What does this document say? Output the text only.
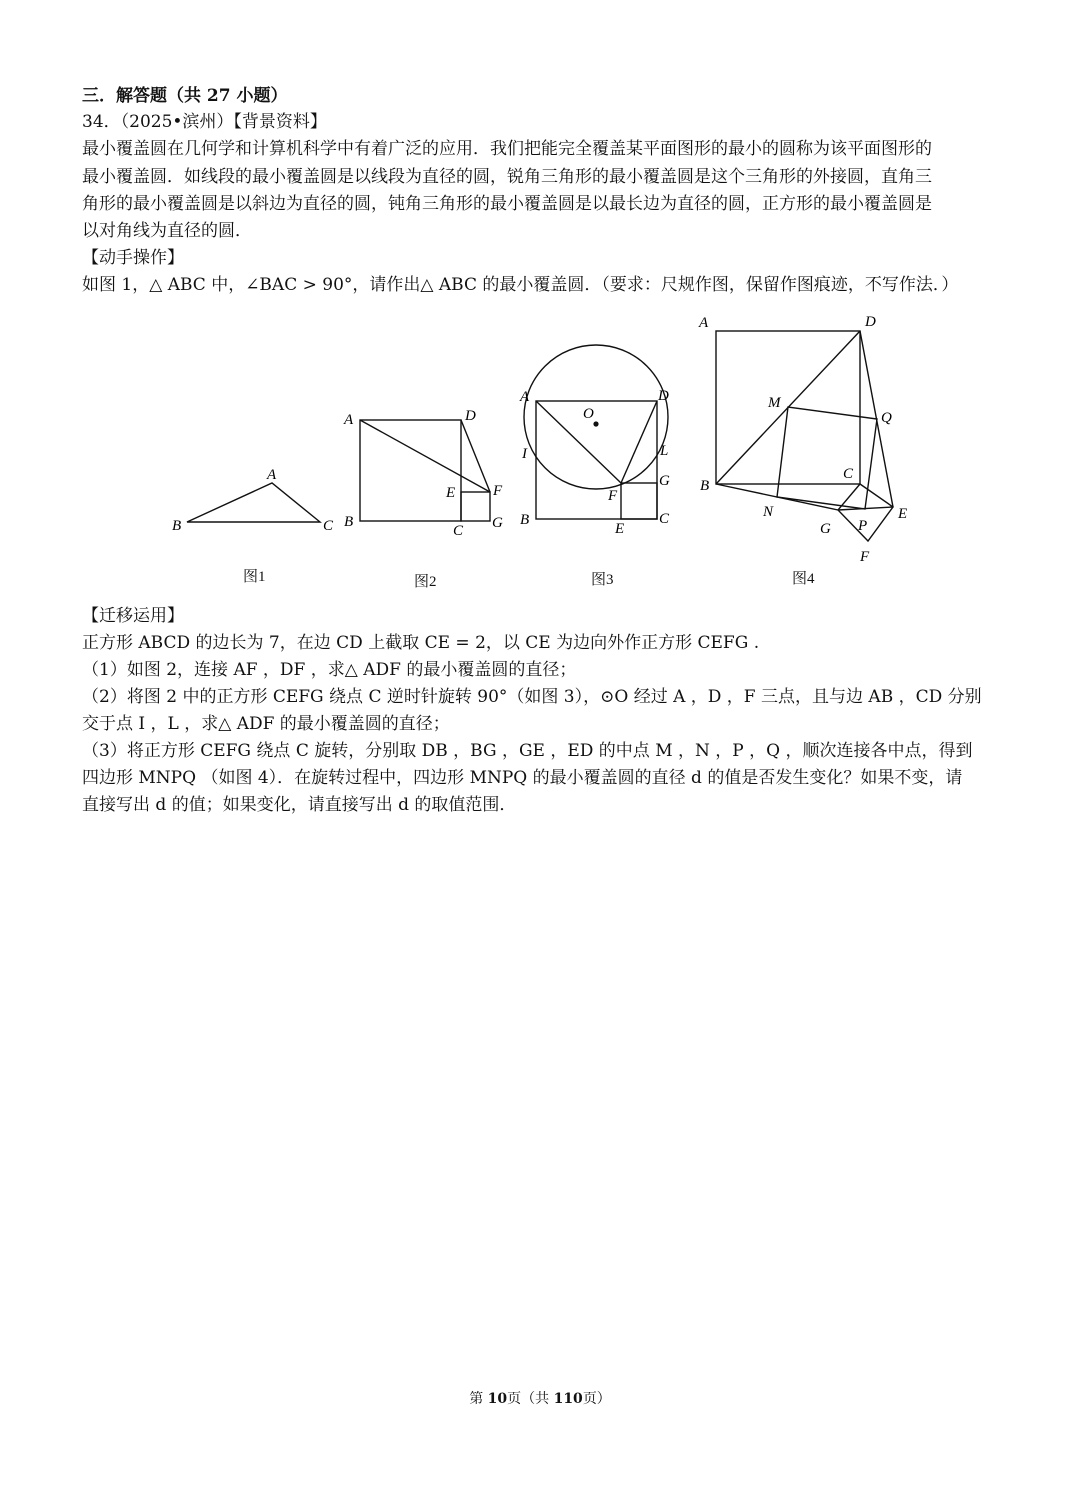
三．解答题（共 27 小题）
34．（2025•滨州）【背景资料】
最小覆盖圆在几何学和计算机科学中有着广泛的应用．我们把能完全覆盖某平面图形的最小的圆称为该平面图形的
最小覆盖圆．如线段的最小覆盖圆是以线段为直径的圆，锐角三角形的最小覆盖圆是这个三角形的外接圆，直角三
角形的最小覆盖圆是以斜边为直径的圆，钝角三角形的最小覆盖圆是以最长边为直径的圆，正方形的最小覆盖圆是
以对角线为直径的圆．
【动手操作】
如图 1，△ ABC 中，∠BAC > 90°，请作出△ ABC 的最小覆盖圆．（要求：尺规作图，保留作图痕迹，不写作法．）
A
B	C
A	D
E	F
B
C G
A	D
O
I	L
G
F
B
E
C
A	D
M
Q
C
B
N
G P
E
F
图1	图2	图3	图4
【迁移运用】
正方形 ABCD 的边长为 7，在边 CD 上截取 CE = 2，以 CE 为边向外作正方形 CEFG .
（1）如图 2，连接 AF ，DF ，求△ ADF 的最小覆盖圆的直径；
（2）将图 2 中的正方形 CEFG 绕点 C 逆时针旋转 90°（如图 3），⊙O 经过 A ，D ，F 三点，且与边 AB ，CD 分别
交于点 I ，L ，求△ ADF 的最小覆盖圆的直径；
（3）将正方形 CEFG 绕点 C 旋转，分别取 DB ，BG ，GE ，ED 的中点 M ，N ，P ，Q ，顺次连接各中点，得到
四边形 MNPQ （如图 4）．在旋转过程中，四边形 MNPQ 的最小覆盖圆的直径 d 的值是否发生变化？如果不变，请
直接写出 d 的值；如果变化，请直接写出 d 的取值范围．
第 10页（共 110页）
